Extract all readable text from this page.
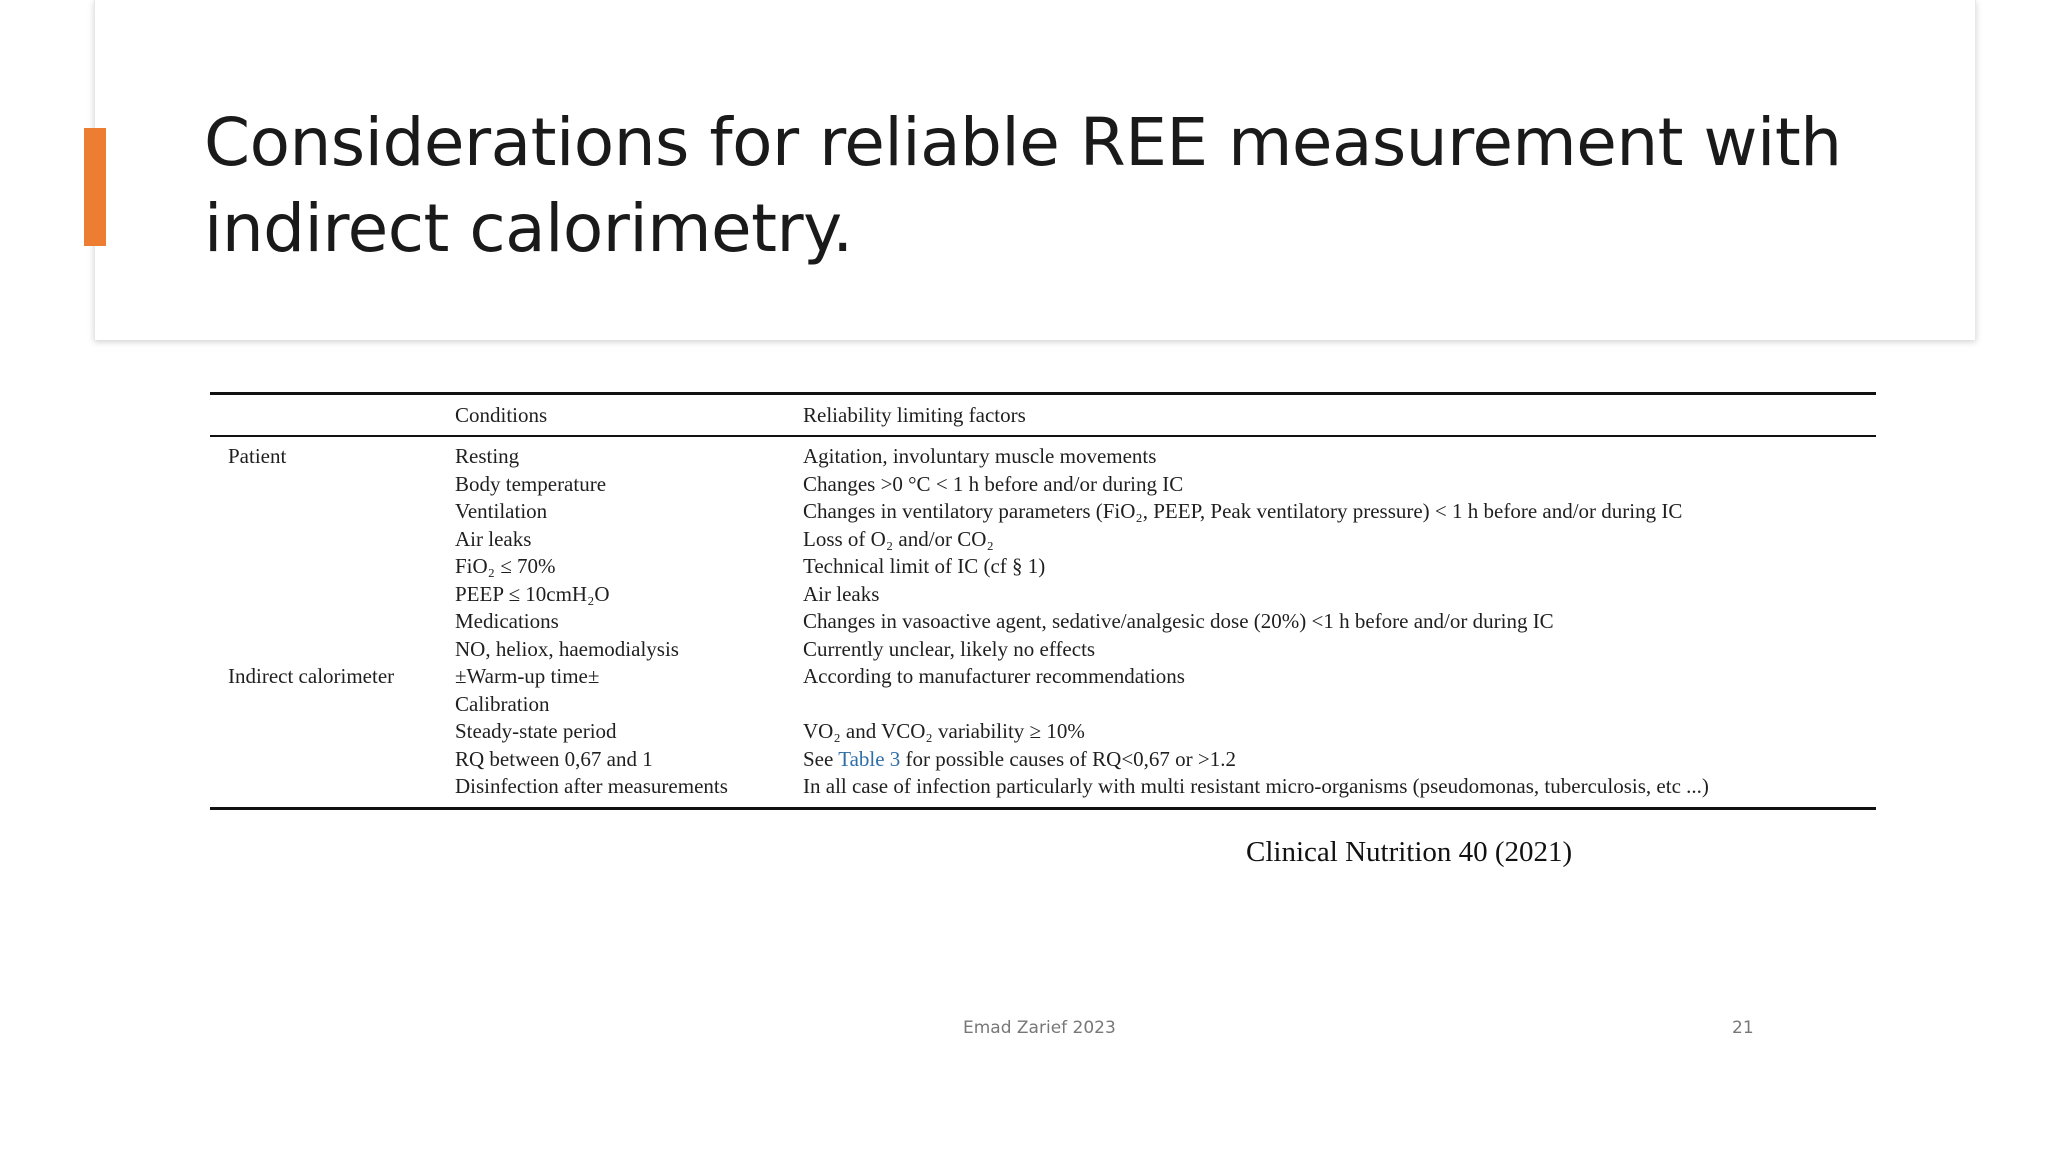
Considerations for reliable REE measurement with indirect calorimetry.
	Conditions	Reliability limiting factors
Patient	Resting	Agitation, involuntary muscle movements
	Body temperature	Changes >0 °C < 1 h before and/or during IC
	Ventilation	Changes in ventilatory parameters (FiO₂, PEEP, Peak ventilatory pressure) < 1 h before and/or during IC
	Air leaks	Loss of O₂ and/or CO₂
	FiO₂ ≤ 70%	Technical limit of IC (cf § 1)
	PEEP ≤ 10cmH₂O	Air leaks
	Medications	Changes in vasoactive agent, sedative/analgesic dose (20%) <1 h before and/or during IC
	NO, heliox, haemodialysis	Currently unclear, likely no effects
Indirect calorimeter	±Warm-up time±	According to manufacturer recommendations
	Calibration	
	Steady-state period	VO₂ and VCO₂ variability ≥ 10%
	RQ between 0,67 and 1	See Table 3 for possible causes of RQ<0,67 or >1.2
	Disinfection after measurements	In all case of infection particularly with multi resistant micro-organisms (pseudomonas, tuberculosis, etc ...)
Clinical Nutrition 40 (2021)
Emad Zarief 2023	21
